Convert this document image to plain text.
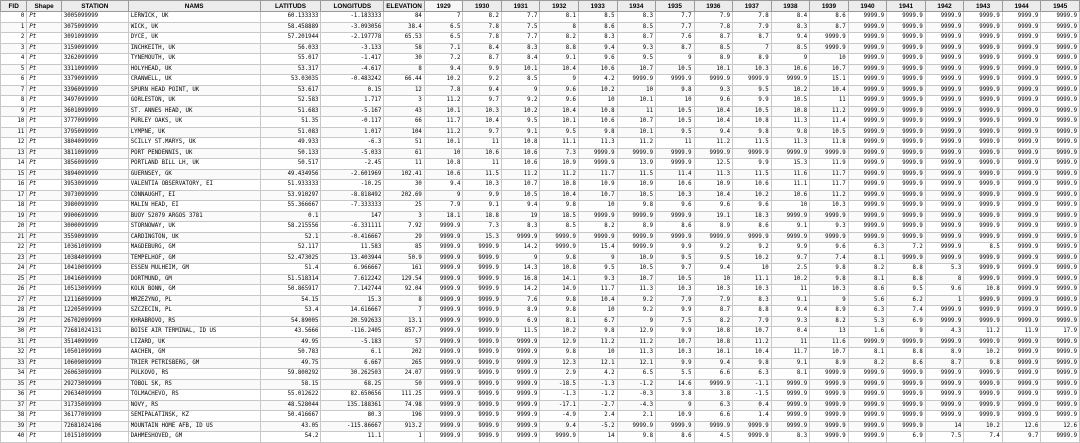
FID	Shape	STATION	NAMS	LATITUDS	LONGITUDS	ELEVATION	1929	1930	1931	1932	1933	1934	1935	1936	1937	1938	1939	1940	1941	1942	1943	1944	1945
0	Pt	3005099999	LERWICK, UK	60.133333	-1.183333	84	7	8.2	7.7	8.1	8.5	8.3	7.7	7.9	7.8	8.4	8.6	9999.9	9999.9	9999.9	9999.9	9999.9	9999.9
1	Pt	3075099999	WICK, UK	58.458889	-3.093056	38.4	6.5	7.8	7.5	8	8.6	8.5	7.7	7.8	7.9	8.3	8.7	9999.9	9999.9	9999.9	9999.9	9999.9	9999.9
2	Pt	3091099999	DYCE, UK	57.201944	-2.197778	65.53	6.5	7.8	7.7	8.2	8.3	8.7	7.6	8.7	8.7	9.4	9999.9	9999.9	9999.9	9999.9	9999.9	9999.9	9999.9
3	Pt	3159099999	INCHKEITH, UK	56.033	-3.133	58	7.1	8.4	8.3	8.8	9.4	9.3	8.7	8.5	7	8.5	9999.9	9999.9	9999.9	9999.9	9999.9	9999.9	9999.9
4	Pt	3262099999	TYNEMOUTH, UK	55.017	-1.417	30	7.2	8.7	8.4	9.1	9.6	9.5	9	8.9	8.9	9	10	9999.9	9999.9	9999.9	9999.9	9999.9	9999.9
5	Pt	3311099999	HOLYHEAD, UK	53.317	-4.617	8	9.4	9.9	10.1	10.4	10.6	10.7	10.5	10.1	10.3	10.6	10.7	9999.9	9999.9	9999.9	9999.9	9999.9	9999.9
6	Pt	3379099999	CRANWELL, UK	53.03035	-0.483242	66.44	10.2	9.2	8.5	9	4.2	9999.9	9999.9	9999.9	9999.9	9999.9	15.1	9999.9	9999.9	9999.9	9999.9	9999.9	9999.9
7	Pt	3396099999	SPURN HEAD POINT, UK	53.617	0.15	12	7.8	9.4	9	9.6	10.2	10	9.8	9.3	9.5	10.2	10.4	9999.9	9999.9	9999.9	9999.9	9999.9	9999.9
8	Pt	3497099999	GORLESTON, UK	52.583	1.717	3	11.2	9.7	9.2	9.6	10	10.1	10	9.6	9.9	10.5	11	9999.9	9999.9	9999.9	9999.9	9999.9	9999.9
9	Pt	3601099999	ST. ANNES HEAD, UK	51.683	-5.167	43	10.1	10.3	10.2	10.4	10.8	11	10.5	10.4	10.5	10.8	11.2	9999.9	9999.9	9999.9	9999.9	9999.9	9999.9
10	Pt	3777099999	PURLEY OAKS, UK	51.35	-0.117	66	11.7	10.4	9.5	10.1	10.6	10.7	10.5	10.4	10.8	11.3	11.4	9999.9	9999.9	9999.9	9999.9	9999.9	9999.9
11	Pt	3795099999	LYMPNE, UK	51.083	1.017	104	11.2	9.7	9.1	9.5	9.8	10.1	9.5	9.4	9.8	9.8	10.5	9999.9	9999.9	9999.9	9999.9	9999.9	9999.9
12	Pt	3804099999	SCILLY ST.MARYS, UK	49.933	-6.3	51	10.1	11	10.8	11.1	11.3	11.2	11	11.2	11.5	11.3	11.8	9999.9	9999.9	9999.9	9999.9	9999.9	9999.9
13	Pt	3811099999	PORT PENDENNIS, UK	50.133	-5.033	61	10	10.6	10.6	7.3	9999.9	9999.9	9999.9	9999.9	9999.9	9999.9	9999.9	9999.9	9999.9	9999.9	9999.9	9999.9	9999.9
14	Pt	3856099999	PORTLAND BILL LH, UK	50.517	-2.45	11	10.8	11	10.6	10.9	9999.9	13.9	9999.9	12.5	9.9	15.3	11.9	9999.9	9999.9	9999.9	9999.9	9999.9	9999.9
15	Pt	3894099999	GUERNSEY, GK	49.434956	-2.601969	102.41	10.6	11.5	11.2	11.2	11.7	11.5	11.4	11.3	11.5	11.6	11.7	9999.9	9999.9	9999.9	9999.9	9999.9	9999.9
16	Pt	3953099999	VALENTIA OBSERVATORY, EI	51.933333	-10.25	30	9.4	10.3	10.7	10.8	10.9	10.9	10.6	10.9	10.6	11.1	11.7	9999.9	9999.9	9999.9	9999.9	9999.9	9999.9
17	Pt	3973099999	CONNAUGHT, EI	53.910297	-8.818492	202.69	9	9.9	10.5	10.4	10.7	10.5	10.3	10.4	10.2	10.6	11.2	9999.9	9999.9	9999.9	9999.9	9999.9	9999.9
18	Pt	3980099999	MALIN HEAD, EI	55.366667	-7.333333	25	7.9	9.1	9.4	9.8	10	9.8	9.6	9.6	9.6	10	10.3	9999.9	9999.9	9999.9	9999.9	9999.9	9999.9
19	Pt	9900699999	BUOY 52079 ARGOS 3781	0.1	147	3	18.1	18.8	19	18.5	9999.9	9999.9	9999.9	19.1	18.3	9999.9	9999.9	9999.9	9999.9	9999.9	9999.9	9999.9	9999.9
20	Pt	3000099999	STORNOWAY, UK	58.215556	-6.331111	7.92	9999.9	7.3	8.3	8.5	8.2	8.9	8.6	8.9	8.6	9.1	9.3	9999.9	9999.9	9999.9	9999.9	9999.9	9999.9
21	Pt	3559099999	CARDINGTON, UK	52.1	-0.416667	29	9999.9	15.3	9999.9	9999.9	9999.9	9999.9	9999.9	9999.9	9999.9	9999.9	9999.9	9999.9	9999.9	9999.9	9999.9	9999.9	9999.9
22	Pt	10361099999	MAGDEBURG, GM	52.117	11.583	85	9999.9	9999.9	14.2	9999.9	15.4	9999.9	9.9	9.2	9.2	9.9	9.6	6.3	7.2	9999.9	8.5	9999.9	9999.9
23	Pt	10384099999	TEMPELHOF, GM	52.473025	13.403944	50.9	9999.9	9999.9	9	9.8	9	10.9	9.5	9.5	10.2	9.7	7.4	8.1	9999.9	9999.9	9999.9	9999.9	9999.9
24	Pt	10410099999	ESSEN MULHEIM, GM	51.4	6.966667	161	9999.9	9999.9	14.3	10.8	9.5	10.5	9.7	9.4	10	2.5	9.8	8.2	8.8	5.3	9999.9	9999.9	9999.9
25	Pt	10416099999	DORTMUND, GM	51.518314	7.612242	129.54	9999.9	9999.9	16.8	14.1	9.3	10.7	10.5	10	11.1	10.2	9.8	8.1	8.8	8	9999.9	9999.9	9999.9
26	Pt	10513099999	KOLN BONN, GM	50.865917	7.142744	92.04	9999.9	9999.9	14.2	14.9	11.7	11.3	10.3	10.3	10.3	11	10.3	8.6	9.5	9.6	10.8	9999.9	9999.9
27	Pt	12116099999	MRZEZYNO, PL	54.15	15.3	8	9999.9	9999.9	7.6	9.8	10.4	9.2	7.9	7.9	8.3	9.1	9	5.6	6.2	1	9999.9	9999.9	9999.9
28	Pt	12205099999	SZCZECIN, PL	53.4	14.616667	7	9999.9	9999.9	8.9	9.8	10	9.2	9.9	8.7	8.8	9.4	8.9	6.3	7.4	9999.9	9999.9	9999.9	9999.9
29	Pt	26702099999	KHRABROVO, RS	54.89005	20.592633	13.1	9999.9	9999.9	6.9	8.1	6.7	9	7.5	8.2	7.9	9.3	8.2	5.3	6.9	9999.9	9999.9	9999.9	9999.9
30	Pt	72681024131	BOISE AIR TERMINAL, ID US	43.5666	-116.2405	857.7	9999.9	9999.9	11.5	10.2	9.8	12.9	9.9	10.8	10.7	0.4	13	1.6	9	4.3	11.2	11.9	17.9
31	Pt	3514099999	LIZARD, UK	49.95	-5.183	57	9999.9	9999.9	9999.9	12.9	11.2	11.2	10.7	10.8	11.2	11	11.6	9999.9	9999.9	9999.9	9999.9	9999.9	9999.9
32	Pt	10501099999	AACHEN, GM	50.783	6.1	202	9999.9	9999.9	9999.9	9.8	10	11.3	10.3	10.1	10.4	11.7	10.7	8.1	8.8	8.9	10.2	9999.9	9999.9
33	Pt	10609099999	TRIER PETRISBERG, GM	49.75	6.667	265	9999.9	9999.9	9999.9	12.3	12.1	12.1	9.9	9.4	9.8	9.1	8.9	8.2	8.6	8.7	9.8	9999.9	9999.9
34	Pt	26063099999	PULKOVO, RS	59.800292	30.262503	24.07	9999.9	9999.9	9999.9	2.9	4.2	6.5	5.5	6.6	6.3	8.1	9999.9	9999.9	9999.9	9999.9	9999.9	9999.9	9999.9
35	Pt	29273099999	TOBOL SK, RS	58.15	68.25	50	9999.9	9999.9	9999.9	-18.5	-1.3	-1.2	14.6	9999.9	-1.1	9999.9	9999.9	9999.9	9999.9	9999.9	9999.9	9999.9	9999.9
36	Pt	29634099999	TOLMACHEVO, RS	55.012622	82.650656	111.25	9999.9	9999.9	9999.9	-1.3	-1.2	-0.3	3.8	3.8	-1.5	9999.9	9999.9	9999.9	9999.9	9999.9	9999.9	9999.9	9999.9
37	Pt	31735099999	NOVY, RS	48.528044	135.188361	74.98	9999.9	9999.9	9999.9	-17.1	-2.7	-4.3	9	6.3	0.4	9999.9	9999.9	9999.9	9999.9	9999.9	9999.9	9999.9	9999.9
38	Pt	36177099999	SEMIPALATINSK, KZ	50.416667	80.3	196	9999.9	9999.9	9999.9	-4.9	2.4	2.1	10.9	6.6	1.4	9999.9	9999.9	9999.9	9999.9	9999.9	9999.9	9999.9	9999.9
39	Pt	72681024106	MOUNTAIN HOME AFB, ID US	43.05	-115.86667	913.2	9999.9	9999.9	9999.9	9.4	-5.2	9999.9	9999.9	9999.9	9999.9	9999.9	9999.9	9999.9	9999.9	14	10.2	12.6	12.6
40	Pt	10151099999	DAHMESHOVED, GM	54.2	11.1	1	9999.9	9999.9	9999.9	9999.9	14	9.8	8.6	4.5	9999.9	8.3	9999.9	9999.9	6.9	7.5	7.4	9.7	9999.9
